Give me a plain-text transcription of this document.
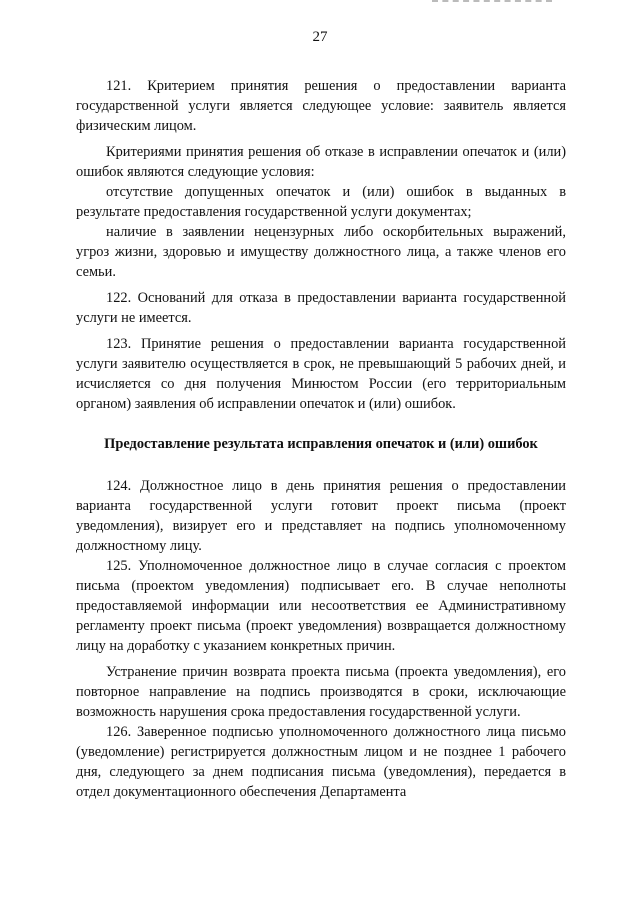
27

121. Критерием принятия решения о предоставлении варианта государственной услуги является следующее условие: заявитель является физическим лицом.

Критериями принятия решения об отказе в исправлении опечаток и (или) ошибок являются следующие условия:

отсутствие допущенных опечаток и (или) ошибок в выданных в результате предоставления государственной услуги документах;

наличие в заявлении нецензурных либо оскорбительных выражений, угроз жизни, здоровью и имуществу должностного лица, а также членов его семьи.

122. Оснований для отказа в предоставлении варианта государственной услуги не имеется.

123. Принятие решения о предоставлении варианта государственной услуги заявителю осуществляется в срок, не превышающий 5 рабочих дней, и исчисляется со дня получения Минюстом России (его территориальным органом) заявления об исправлении опечаток и (или) ошибок.

Предоставление результата исправления опечаток и (или) ошибок

124. Должностное лицо в день принятия решения о предоставлении варианта государственной услуги готовит проект письма (проект уведомления), визирует его и представляет на подпись уполномоченному должностному лицу.

125. Уполномоченное должностное лицо в случае согласия с проектом письма (проектом уведомления) подписывает его. В случае неполноты предоставляемой информации или несоответствия ее Административному регламенту проект письма (проект уведомления) возвращается должностному лицу на доработку с указанием конкретных причин.

Устранение причин возврата проекта письма (проекта уведомления), его повторное направление на подпись производятся в сроки, исключающие возможность нарушения срока предоставления государственной услуги.

126. Заверенное подписью уполномоченного должностного лица письмо (уведомление) регистрируется должностным лицом и не позднее 1 рабочего дня, следующего за днем подписания письма (уведомления), передается в отдел документационного обеспечения Департамента
